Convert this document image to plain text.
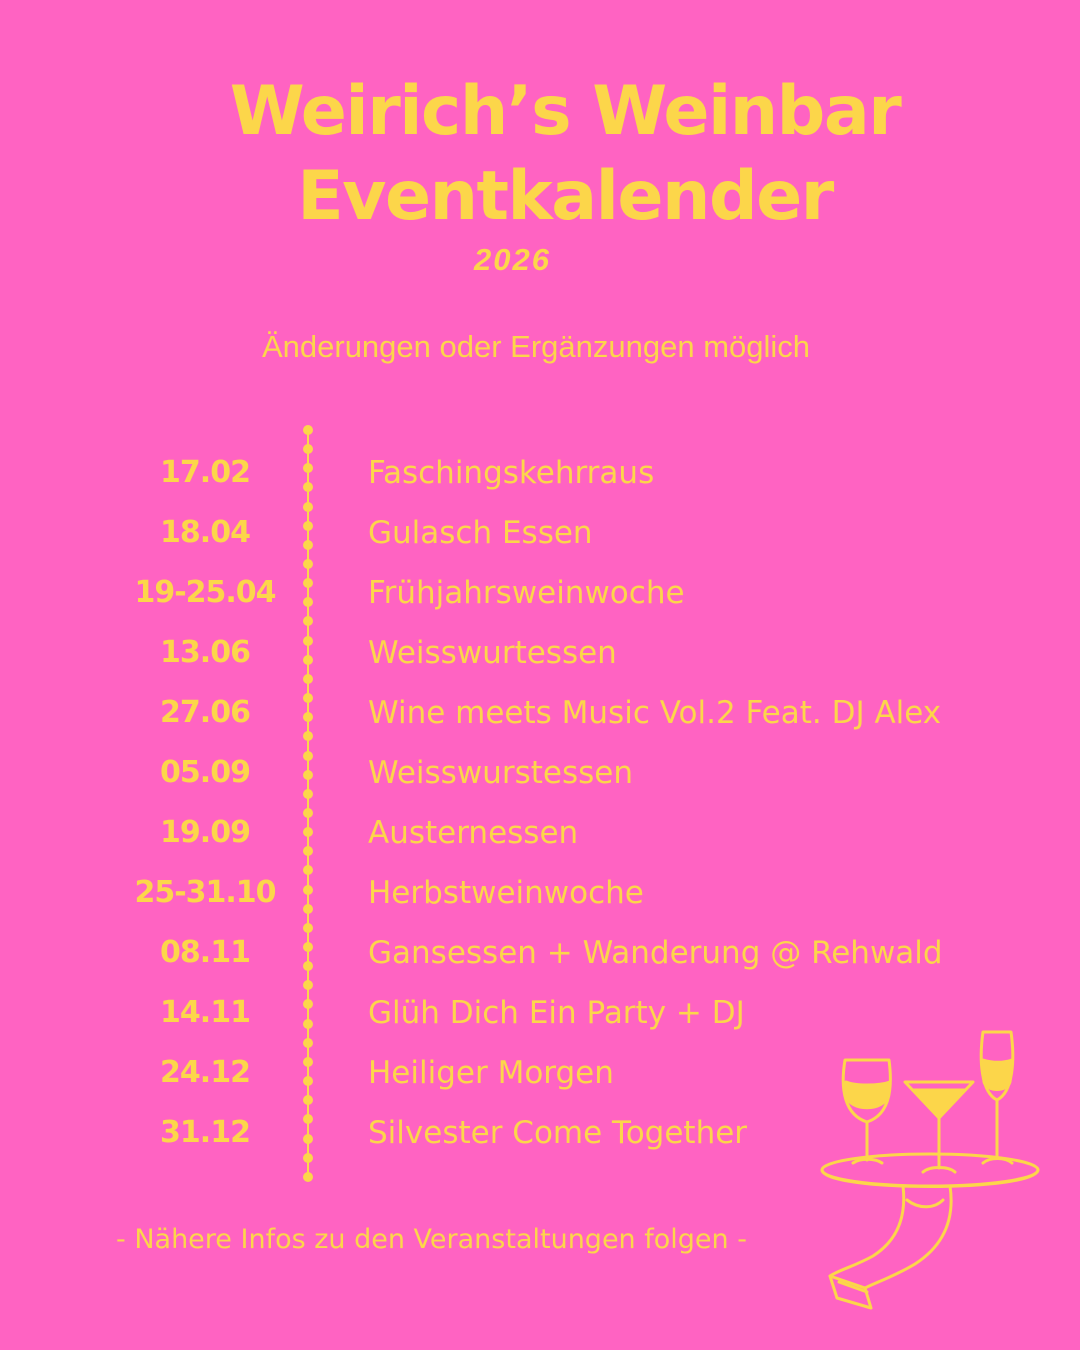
Weirich’s Weinbar
Eventkalender
2026
Änderungen oder Ergänzungen möglich
17.02	Faschingskehrraus
18.04	Gulasch Essen
19-25.04	Frühjahrsweinwoche
13.06	Weisswurtessen
27.06	Wine meets Music Vol.2 Feat. DJ Alex
05.09	Weisswurstessen
19.09	Austernessen
25-31.10	Herbstweinwoche
08.11	Gansessen + Wanderung @ Rehwald
14.11	Glüh Dich Ein Party + DJ
24.12	Heiliger Morgen
31.12	Silvester Come Together
- Nähere Infos zu den Veranstaltungen folgen -
